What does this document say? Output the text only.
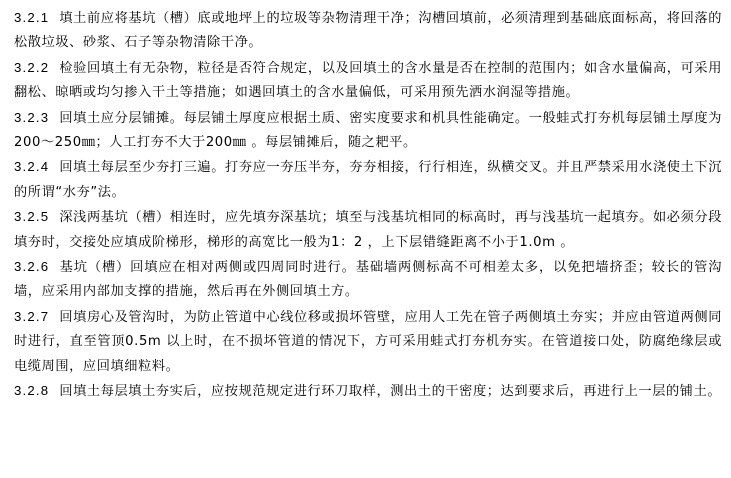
3.2.1 填土前应将基坑（槽）底或地坪上的垃圾等杂物清理干净；沟槽回填前，必须清理到基础底面标高，将回落的松散垃圾、砂浆、石子等杂物清除干净。

3.2.2 检验回填土有无杂物，粒径是否符合规定，以及回填土的含水量是否在控制的范围内；如含水量偏高，可采用翻松、晾晒或均匀掺入干土等措施；如遇回填土的含水量偏低，可采用预先洒水润湿等措施。

3.2.3 回填土应分层铺摊。每层铺土厚度应根据土质、密实度要求和机具性能确定。一般蛙式打夯机每层铺土厚度为200～250㎜；人工打夯不大于200㎜ 。每层铺摊后，随之耙平。

3.2.4 回填土每层至少夯打三遍。打夯应一夯压半夯，夯夯相接，行行相连，纵横交叉。并且严禁采用水浇使土下沉的所谓“水夯”法。

3.2.5 深浅两基坑（槽）相连时，应先填夯深基坑；填至与浅基坑相同的标高时，再与浅基坑一起填夯。如必须分段填夯时，交接处应填成阶梯形，梯形的高宽比一般为1：2 ，上下层错缝距离不小于1.0m 。

3.2.6 基坑（槽）回填应在相对两侧或四周同时进行。基础墙两侧标高不可相差太多，以免把墙挤歪；较长的管沟墙，应采用内部加支撑的措施，然后再在外侧回填土方。

3.2.7 回填房心及管沟时，为防止管道中心线位移或损坏管壁，应用人工先在管子两侧填土夯实；并应由管道两侧同时进行，直至管顶0.5m 以上时，在不损坏管道的情况下，方可采用蛙式打夯机夯实。在管道接口处，防腐绝缘层或电缆周围，应回填细粒料。

3.2.8 回填土每层填土夯实后，应按规范规定进行环刀取样，测出土的干密度；达到要求后，再进行上一层的铺土。
